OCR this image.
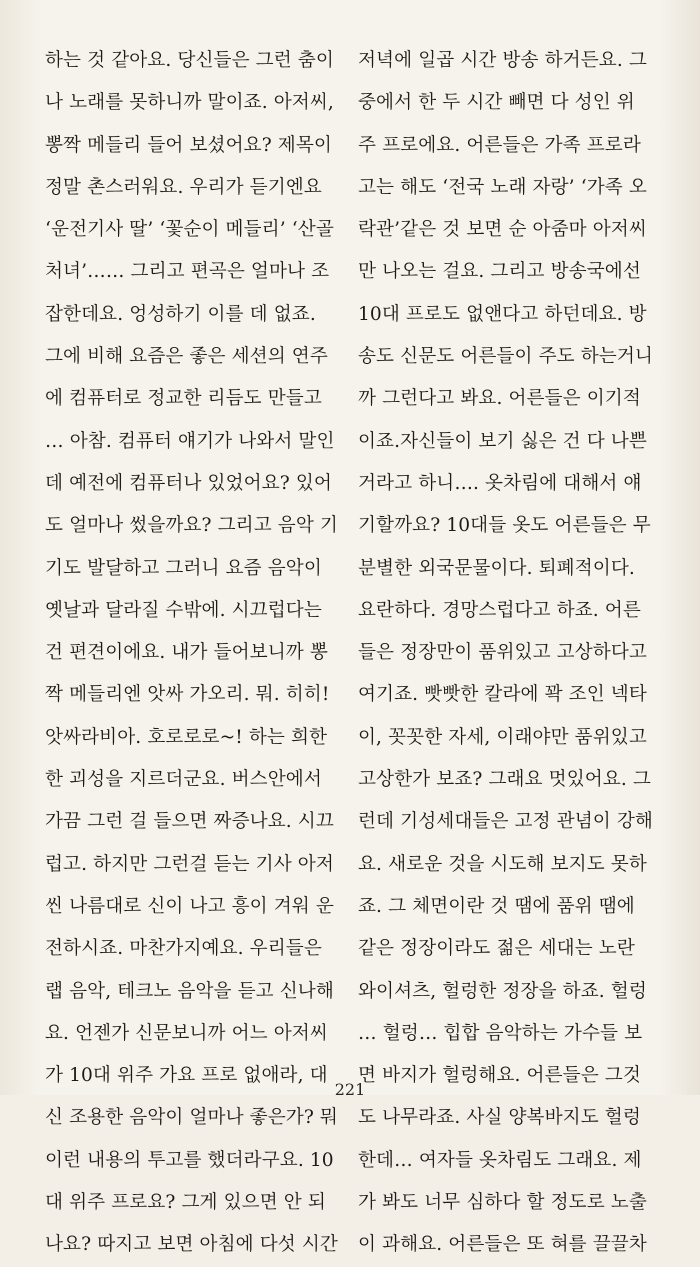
하는 것 같아요. 당신들은 그런 춤이
나 노래를 못하니까 말이죠. 아저씨,
뽕짝 메들리 들어 보셨어요? 제목이
정말 촌스러워요. 우리가 듣기엔요
‘운전기사 딸’ ‘꽃순이 메들리’ ‘산골
처녀’…… 그리고 편곡은 얼마나 조
잡한데요. 엉성하기 이를 데 없죠.
그에 비해 요즘은 좋은 세션의 연주
에 컴퓨터로 정교한 리듬도 만들고
… 아참. 컴퓨터 얘기가 나와서 말인
데 예전에 컴퓨터나 있었어요? 있어
도 얼마나 썼을까요? 그리고 음악 기
기도 발달하고 그러니 요즘 음악이
옛날과 달라질 수밖에. 시끄럽다는
건 편견이에요. 내가 들어보니까 뽕
짝 메들리엔 앗싸 가오리. 뭐. 히히!
앗싸라비아. 호로로로~! 하는 희한
한 괴성을 지르더군요. 버스안에서
가끔 그런 걸 들으면 짜증나요. 시끄
럽고. 하지만 그런걸 듣는 기사 아저
씬 나름대로 신이 나고 흥이 겨워 운
전하시죠. 마찬가지예요. 우리들은
랩 음악, 테크노 음악을 듣고 신나해
요. 언젠가 신문보니까 어느 아저씨
가 10대 위주 가요 프로 없애라, 대
신 조용한 음악이 얼마나 좋은가? 뭐
이런 내용의 투고를 했더라구요. 10
대 위주 프로요? 그게 있으면 안 되
나요? 따지고 보면 아침에 다섯 시간
저녁에 일곱 시간 방송 하거든요. 그
중에서 한 두 시간 빼면 다 성인 위
주 프로에요. 어른들은 가족 프로라
고는 해도 ‘전국 노래 자랑’ ‘가족 오
락관’같은 것 보면 순 아줌마 아저씨
만 나오는 걸요. 그리고 방송국에선
10대 프로도 없앤다고 하던데요. 방
송도 신문도 어른들이 주도 하는거니
까 그런다고 봐요. 어른들은 이기적
이죠.자신들이 보기 싫은 건 다 나쁜
거라고 하니…. 옷차림에 대해서 얘
기할까요? 10대들 옷도 어른들은 무
분별한 외국문물이다. 퇴폐적이다.
요란하다. 경망스럽다고 하죠. 어른
들은 정장만이 품위있고 고상하다고
여기죠. 빳빳한 칼라에 꽉 조인 넥타
이, 꼿꼿한 자세, 이래야만 품위있고
고상한가 보죠? 그래요 멋있어요. 그
런데 기성세대들은 고정 관념이 강해
요. 새로운 것을 시도해 보지도 못하
죠. 그 체면이란 것 땜에 품위 땜에
같은 정장이라도 젊은 세대는 노란
와이셔츠, 헐렁한 정장을 하죠. 헐렁
… 헐렁… 힙합 음악하는 가수들 보
면 바지가 헐렁해요. 어른들은 그것
도 나무라죠. 사실 양복바지도 헐렁
한데… 여자들 옷차림도 그래요. 제
가 봐도 너무 심하다 할 정도로 노출
이 과해요. 어른들은 또 혀를 끌끌차
221
